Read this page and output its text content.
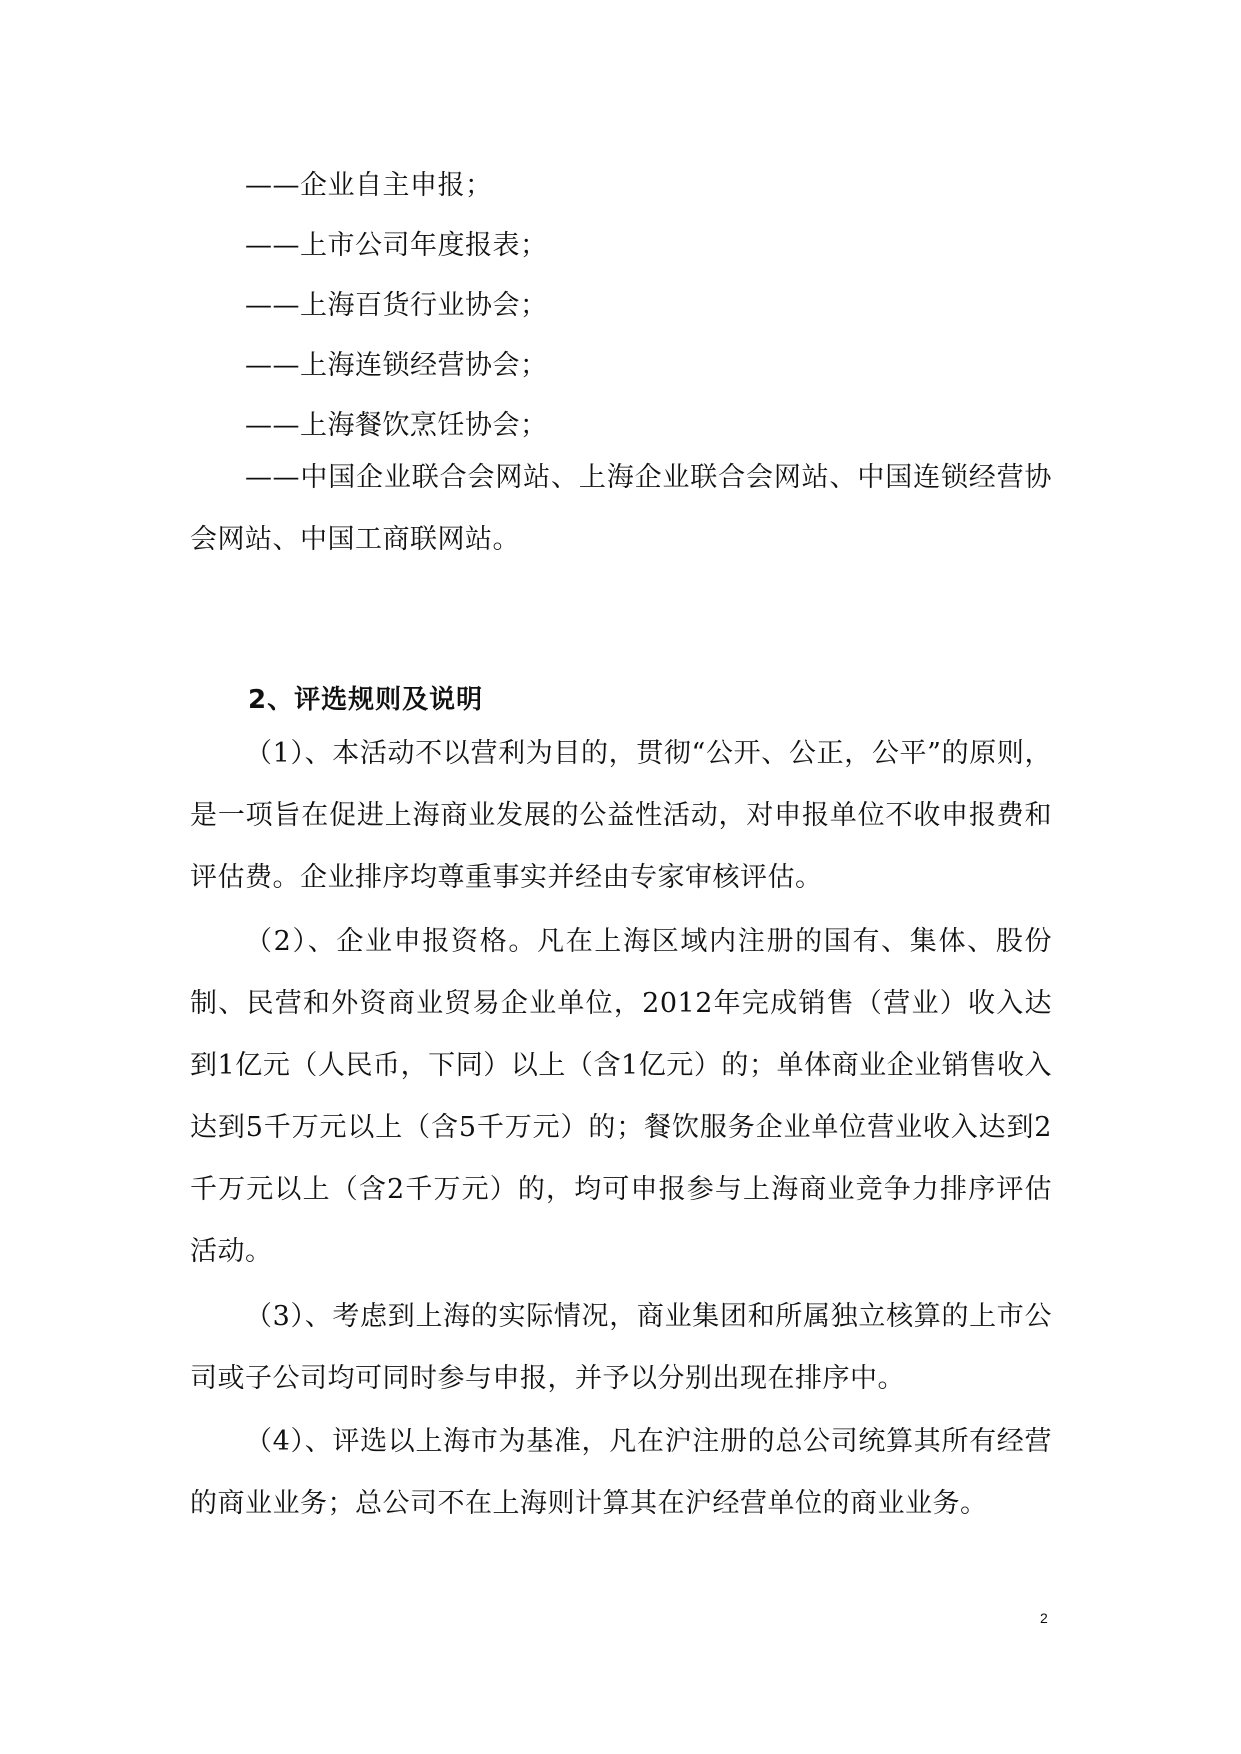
——企业自主申报；
——上市公司年度报表；
——上海百货行业协会；
——上海连锁经营协会；
——上海餐饮烹饪协会；
——中国企业联合会网站、上海企业联合会网站、中国连锁经营协会网站、中国工商联网站。
2、评选规则及说明
（1）、本活动不以营利为目的，贯彻“公开、公正，公平”的原则，是一项旨在促进上海商业发展的公益性活动，对申报单位不收申报费和评估费。企业排序均尊重事实并经由专家审核评估。
（2）、企业申报资格。凡在上海区域内注册的国有、集体、股份制、民营和外资商业贸易企业单位，2012年完成销售（营业）收入达到1亿元（人民币，下同）以上（含1亿元）的；单体商业企业销售收入达到5千万元以上（含5千万元）的；餐饮服务企业单位营业收入达到2千万元以上（含2千万元）的，均可申报参与上海商业竞争力排序评估活动。
（3）、考虑到上海的实际情况，商业集团和所属独立核算的上市公司或子公司均可同时参与申报，并予以分别出现在排序中。
（4）、评选以上海市为基准，凡在沪注册的总公司统算其所有经营的商业业务；总公司不在上海则计算其在沪经营单位的商业业务。
2
